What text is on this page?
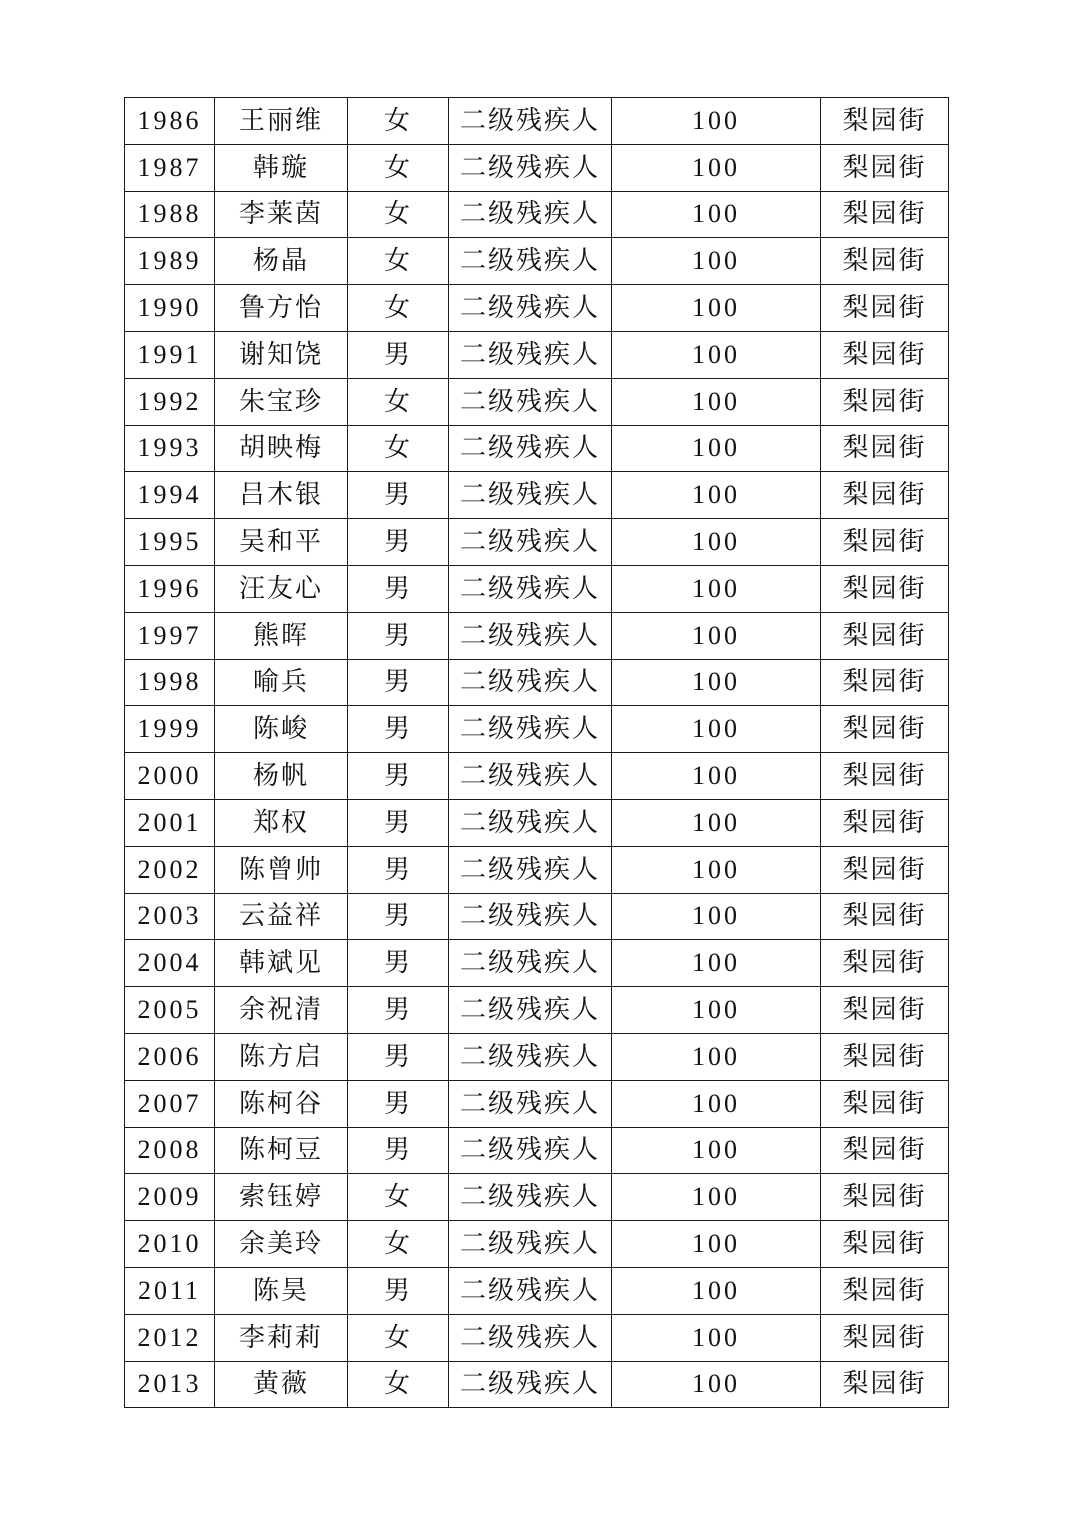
1986	王丽维	女	二级残疾人	100	梨园街
1987	韩璇	女	二级残疾人	100	梨园街
1988	李莱茵	女	二级残疾人	100	梨园街
1989	杨晶	女	二级残疾人	100	梨园街
1990	鲁方怡	女	二级残疾人	100	梨园街
1991	谢知饶	男	二级残疾人	100	梨园街
1992	朱宝珍	女	二级残疾人	100	梨园街
1993	胡映梅	女	二级残疾人	100	梨园街
1994	吕木银	男	二级残疾人	100	梨园街
1995	吴和平	男	二级残疾人	100	梨园街
1996	汪友心	男	二级残疾人	100	梨园街
1997	熊晖	男	二级残疾人	100	梨园街
1998	喻兵	男	二级残疾人	100	梨园街
1999	陈峻	男	二级残疾人	100	梨园街
2000	杨帆	男	二级残疾人	100	梨园街
2001	郑权	男	二级残疾人	100	梨园街
2002	陈曾帅	男	二级残疾人	100	梨园街
2003	云益祥	男	二级残疾人	100	梨园街
2004	韩斌见	男	二级残疾人	100	梨园街
2005	余祝清	男	二级残疾人	100	梨园街
2006	陈方启	男	二级残疾人	100	梨园街
2007	陈柯谷	男	二级残疾人	100	梨园街
2008	陈柯豆	男	二级残疾人	100	梨园街
2009	索钰婷	女	二级残疾人	100	梨园街
2010	余美玲	女	二级残疾人	100	梨园街
2011	陈昊	男	二级残疾人	100	梨园街
2012	李莉莉	女	二级残疾人	100	梨园街
2013	黄薇	女	二级残疾人	100	梨园街
